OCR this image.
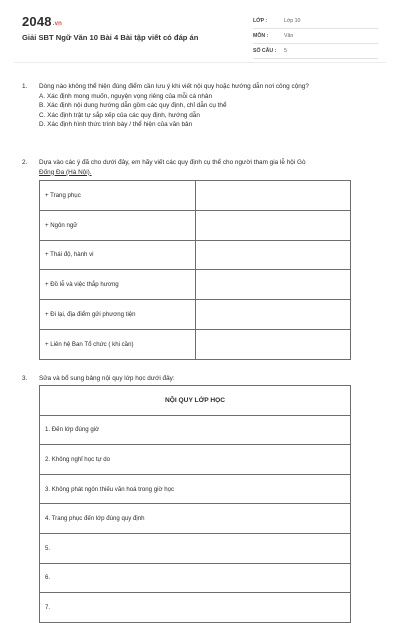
2048.vn
Giải SBT Ngữ Văn 10 Bài 4 Bài tập viết có đáp án
LỚP :	Lớp 10
MÔN :	Văn
SỐ CÂU : 5
1. Dòng nào không thể hiện đúng điểm cần lưu ý khi viết nội quy hoặc hướng dẫn nơi công cộng?
A. Xác định mong muốn, nguyện vọng riêng của mỗi cá nhân
B. Xác định nội dung hướng dẫn gồm các quy định, chỉ dẫn cụ thể
C. Xác định trật tự sắp xếp của các quy định, hướng dẫn
D. Xác định hình thức trình bày / thể hiện của văn bản
2. Dựa vào các ý đã cho dưới đây, em hãy viết các quy định cụ thể cho người tham gia lễ hội Gò
Đống Đa (Hà Nội).
+ Trang phục	
+ Ngôn ngữ	
+ Thái độ, hành vi	
+ Đồ lễ và việc thắp hương	
+ Đi lại, địa điểm gửi phương tiện	
+ Liên hệ Ban Tổ chức ( khi cần)	
3. Sửa và bổ sung bảng nội quy lớp học dưới đây:
NỘI QUY LỚP HỌC
1. Đến lớp đúng giờ
2. Không nghỉ học tự do
3. Không phát ngôn thiếu văn hoá trong giờ học
4. Trang phục đến lớp đúng quy định
5.
6.
7.
